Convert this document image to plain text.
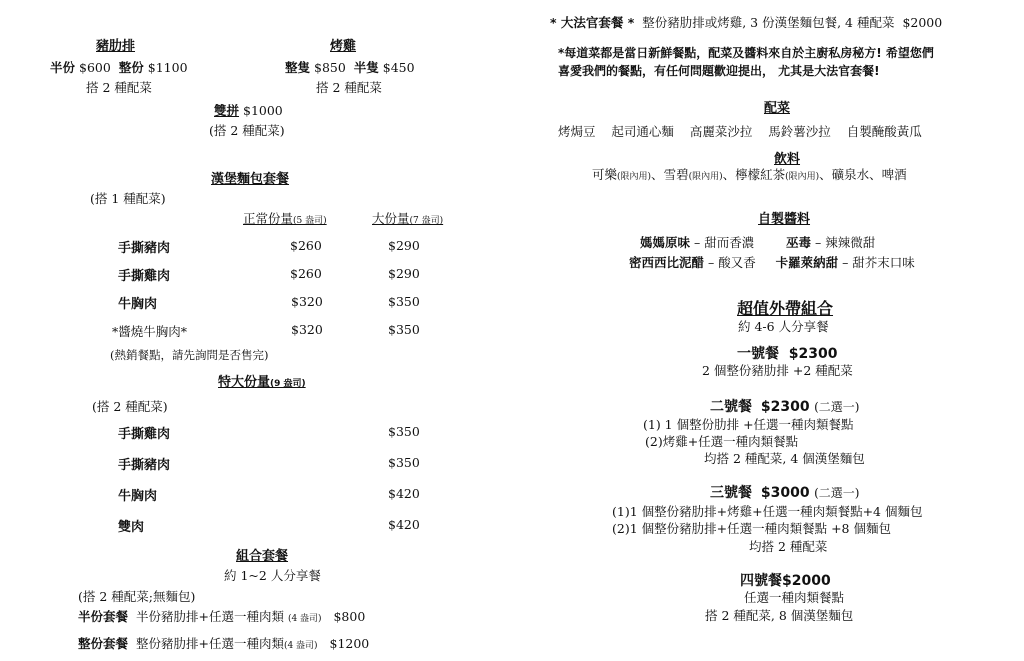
豬肋排
半份 $600 整份 $1100
搭 2 種配菜
烤雞
整隻 $850 半隻 $450
搭 2 種配菜
雙拼 $1000
(搭 2 種配菜)
漢堡麵包套餐
(搭 1 種配菜)
正常份量(5 盎司)	大份量(7 盎司)
手撕豬肉	$260	$290
手撕雞肉	$260	$290
牛胸肉	$320	$350
*醬燒牛胸肉*	$320	$350
(熱銷餐點，請先詢問是否售完)
特大份量(9 盎司)
(搭 2 種配菜)
手撕雞肉	$350
手撕豬肉	$350
牛胸肉	$420
雙肉	$420
組合套餐
約 1~2 人分享餐
(搭 2 種配菜;無麵包)
半份套餐 半份豬肋排+任選一種肉類 (4 盎司) $800
整份套餐 整份豬肋排+任選一種肉類(4 盎司) $1200
* 大法官套餐 * 整份豬肋排或烤雞, 3 份漢堡麵包餐, 4 種配菜 $2000
*每道菜都是當日新鮮餐點，配菜及醬料來自於主廚私房秘方! 希望您們
喜愛我們的餐點，有任何問題歡迎提出， 尤其是大法官套餐!
配菜
烤焗豆 起司通心麵 高麗菜沙拉 馬鈴薯沙拉 自製醃酸黃瓜
飲料
可樂(限內用)、雪碧(限內用)、檸檬紅茶(限內用)、礦泉水、啤酒
自製醬料
媽媽原味 – 甜而香濃	巫毒 – 辣辣微甜
密西西比泥醋 – 酸又香 卡羅萊納甜 – 甜芥末口味
超值外帶組合
約 4-6 人分享餐
一號餐 $2300
2 個整份豬肋排 +2 種配菜
二號餐 $2300 (二選一)
(1) 1 個整份肋排 +任選一種肉類餐點
(2)烤雞+任選一種肉類餐點
均搭 2 種配菜, 4 個漢堡麵包
三號餐 $3000 (二選一)
(1)1 個整份豬肋排+烤雞+任選一種肉類餐點+4 個麵包
(2)1 個整份豬肋排+任選一種肉類餐點 +8 個麵包
均搭 2 種配菜
四號餐$2000
任選一種肉類餐點
搭 2 種配菜, 8 個漢堡麵包
